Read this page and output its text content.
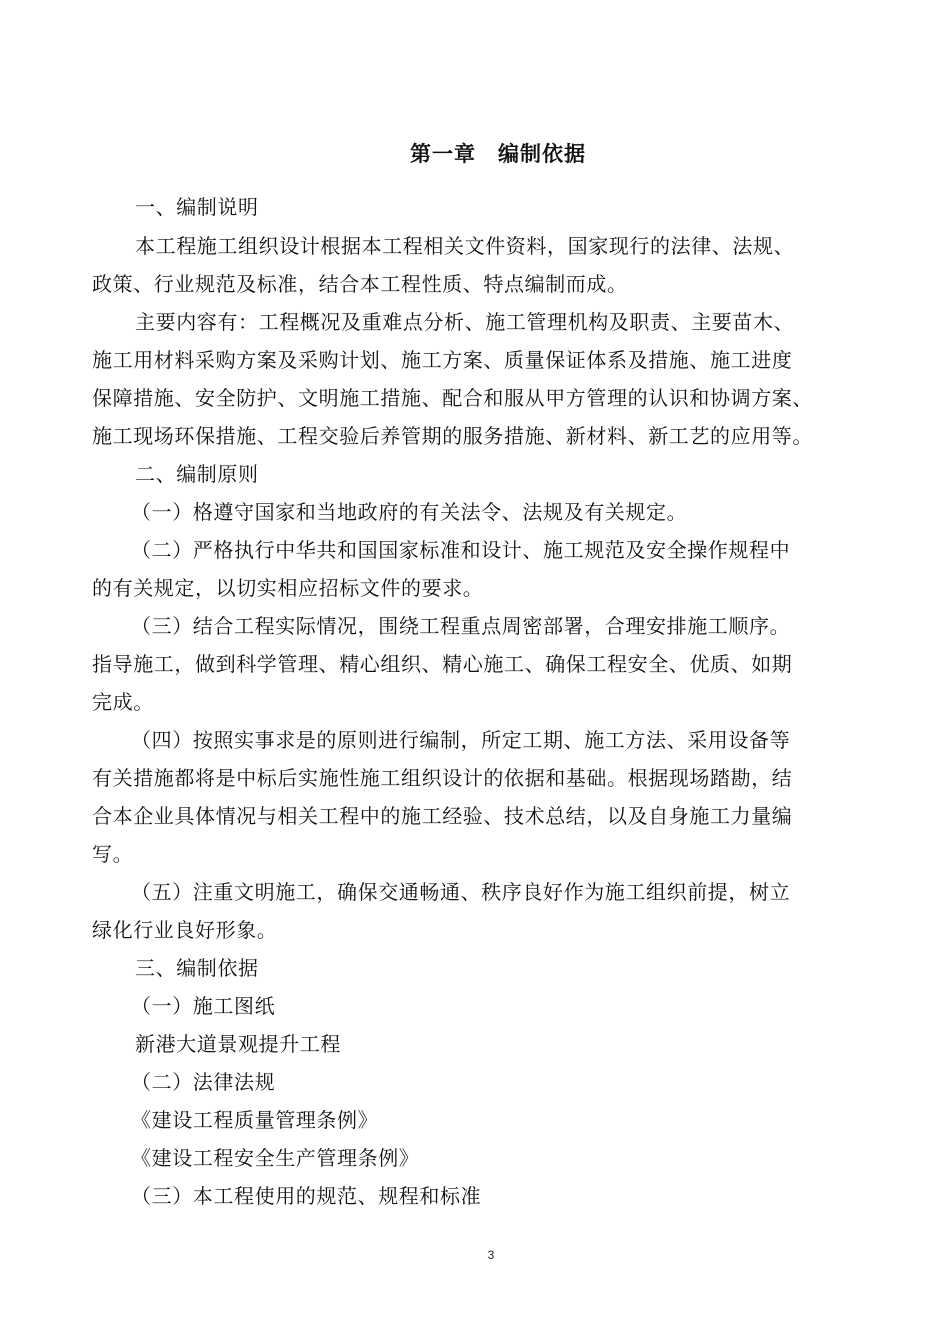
第一章 编制依据
一、编制说明
本工程施工组织设计根据本工程相关文件资料，国家现行的法律、法规、
政策、行业规范及标准，结合本工程性质、特点编制而成。
主要内容有：工程概况及重难点分析、施工管理机构及职责、主要苗木、
施工用材料采购方案及采购计划、施工方案、质量保证体系及措施、施工进度
保障措施、安全防护、文明施工措施、配合和服从甲方管理的认识和协调方案、
施工现场环保措施、工程交验后养管期的服务措施、新材料、新工艺的应用等。
二、编制原则
（一）格遵守国家和当地政府的有关法令、法规及有关规定。
（二）严格执行中华共和国国家标准和设计、施工规范及安全操作规程中
的有关规定，以切实相应招标文件的要求。
（三）结合工程实际情况，围绕工程重点周密部署，合理安排施工顺序。
指导施工，做到科学管理、精心组织、精心施工、确保工程安全、优质、如期
完成。
（四）按照实事求是的原则进行编制，所定工期、施工方法、采用设备等
有关措施都将是中标后实施性施工组织设计的依据和基础。根据现场踏勘，结
合本企业具体情况与相关工程中的施工经验、技术总结，以及自身施工力量编
写。
（五）注重文明施工，确保交通畅通、秩序良好作为施工组织前提，树立
绿化行业良好形象。
三、编制依据
（一）施工图纸
新港大道景观提升工程
（二）法律法规
《建设工程质量管理条例》
《建设工程安全生产管理条例》
（三）本工程使用的规范、规程和标准
3
